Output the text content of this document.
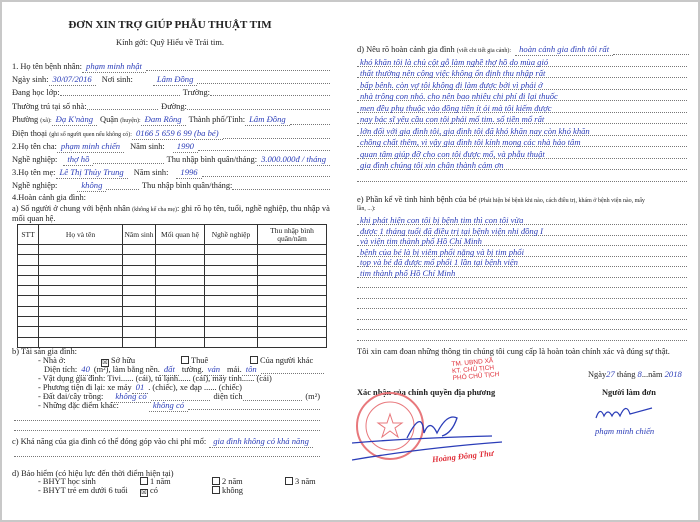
ĐƠN XIN TRỢ GIÚP PHẪU THUẬT TIM
Kính gởi: Quỹ Hiểu về Trái tim.
1. Họ tên bệnh nhân: phạm minh nhật
Ngày sinh: 30/07/2016	Nơi sinh:	Lâm Đồng
Đang học lớp:	Trường:
Thường trú tại số nhà:	Đường:
Phường (xã): Đạ K'nàng Quận (huyện): Đam Rông Thành phố/Tỉnh: Lâm Đồng
Điện thoại (ghi số người quen nếu không có): 0166 5 659 6 99 (ba bé)
2.Họ tên cha: phạm minh chiến	Năm sinh:	1990
Nghề nghiệp:	thợ hồ	Thu nhập bình quân/tháng: 3.000.000đ / tháng
3.Họ tên mẹ: Lê Thị Thủy Trung	Năm sinh:	1996
Nghề nghiệp:	không	Thu nhập bình quân/tháng:
4.Hoàn cảnh gia đình:
a) Số người ở chung với bệnh nhân (không kể cha mẹ): ghi rõ họ tên, tuổi, nghề nghiệp, thu nhập và
mối quan hệ.
STT	Họ và tên	Năm sinh	Mối quan hệ	Nghề nghiệp	Thu nhập bình quân/năm

b) Tài sản gia đình:
- Nhà ở:	☒ Sở hữu	Thuê	Của người khác
Diện tích: 40 (m²), làm bằng nền. đất tường. ván mái. tôn
- Vật dụng gia đình: Tivi...... (cái), tủ lạnh...... (cái), máy tính...... (cái)
- Phương tiện đi lại: xe máy 01 . (chiếc), xe đạp ...... (chiếc)
- Đất đai/cây trồng:	không có	diện tích	(m²)
- Những đặc điểm khác:	không có
c) Khả năng của gia đình có thể đóng góp vào chi phí mổ: gia đình không có khả năng
d) Bảo hiểm (có hiệu lực đến thời điểm hiện tại)
- BHYT học sinh	1 năm	2 năm	3 năm
- BHYT trẻ em dưới 6 tuổi ☒ có	không
d) Nêu rõ hoàn cảnh gia đình (viết chi tiết gia cảnh): hoàn cảnh gia đình tôi rất
khó khăn tôi là chủ cột gỗ làm nghề thợ hồ do mùa gió
thất thường nên công việc không ổn định thu nhập rất
bấp bênh. còn vợ tôi không đi làm được bởi vì phải ở
nhà trông con nhỏ. cho nên bao nhiêu chi phí đi lại thuốc
men đều phụ thuộc vào đồng tiền ít ỏi mà tôi kiếm được
nay bác sĩ yêu cầu con tôi phải mổ tim. số tiền mổ rất
lớn đối với gia đình tôi, gia đình tôi đã khó khăn nay còn khó khăn
chồng chất thêm, vì vậy gia đình tôi kính mong các nhà hảo tâm
quan tâm giúp đỡ cho con tôi được mổ, và phẫu thuật
gia đình chúng tôi xin chân thành cảm ơn
e) Phần kể về tình hình bệnh của bé (Phát hiện bé bệnh khi nào, cách điều trị, khám ở bệnh viện nào, mấy
lần, ...):
khi phát hiện con tôi bị bệnh tim thì con tôi vừa
được 1 tháng tuổi đã điều trị tại bệnh viện nhi đồng I
và viện tim thành phố Hồ Chí Minh
bệnh của bé là bị viêm phổi nặng và bị tim phổi
tọp và bé đã được mổ phổi 1 lần tại bệnh viện
tim thành phố Hồ Chí Minh
Tôi xin cam đoan những thông tin chúng tôi cung cấp là hoàn toàn chính xác và đúng sự thật.
Ngày27 tháng 8...năm 2018
Xác nhận của chính quyền địa phương	Người làm đơn
TM. UBND XÃ
KT. CHỦ TỊCH
PHÓ CHỦ TỊCH
Hoàng Đông Thư
phạm minh chiến
